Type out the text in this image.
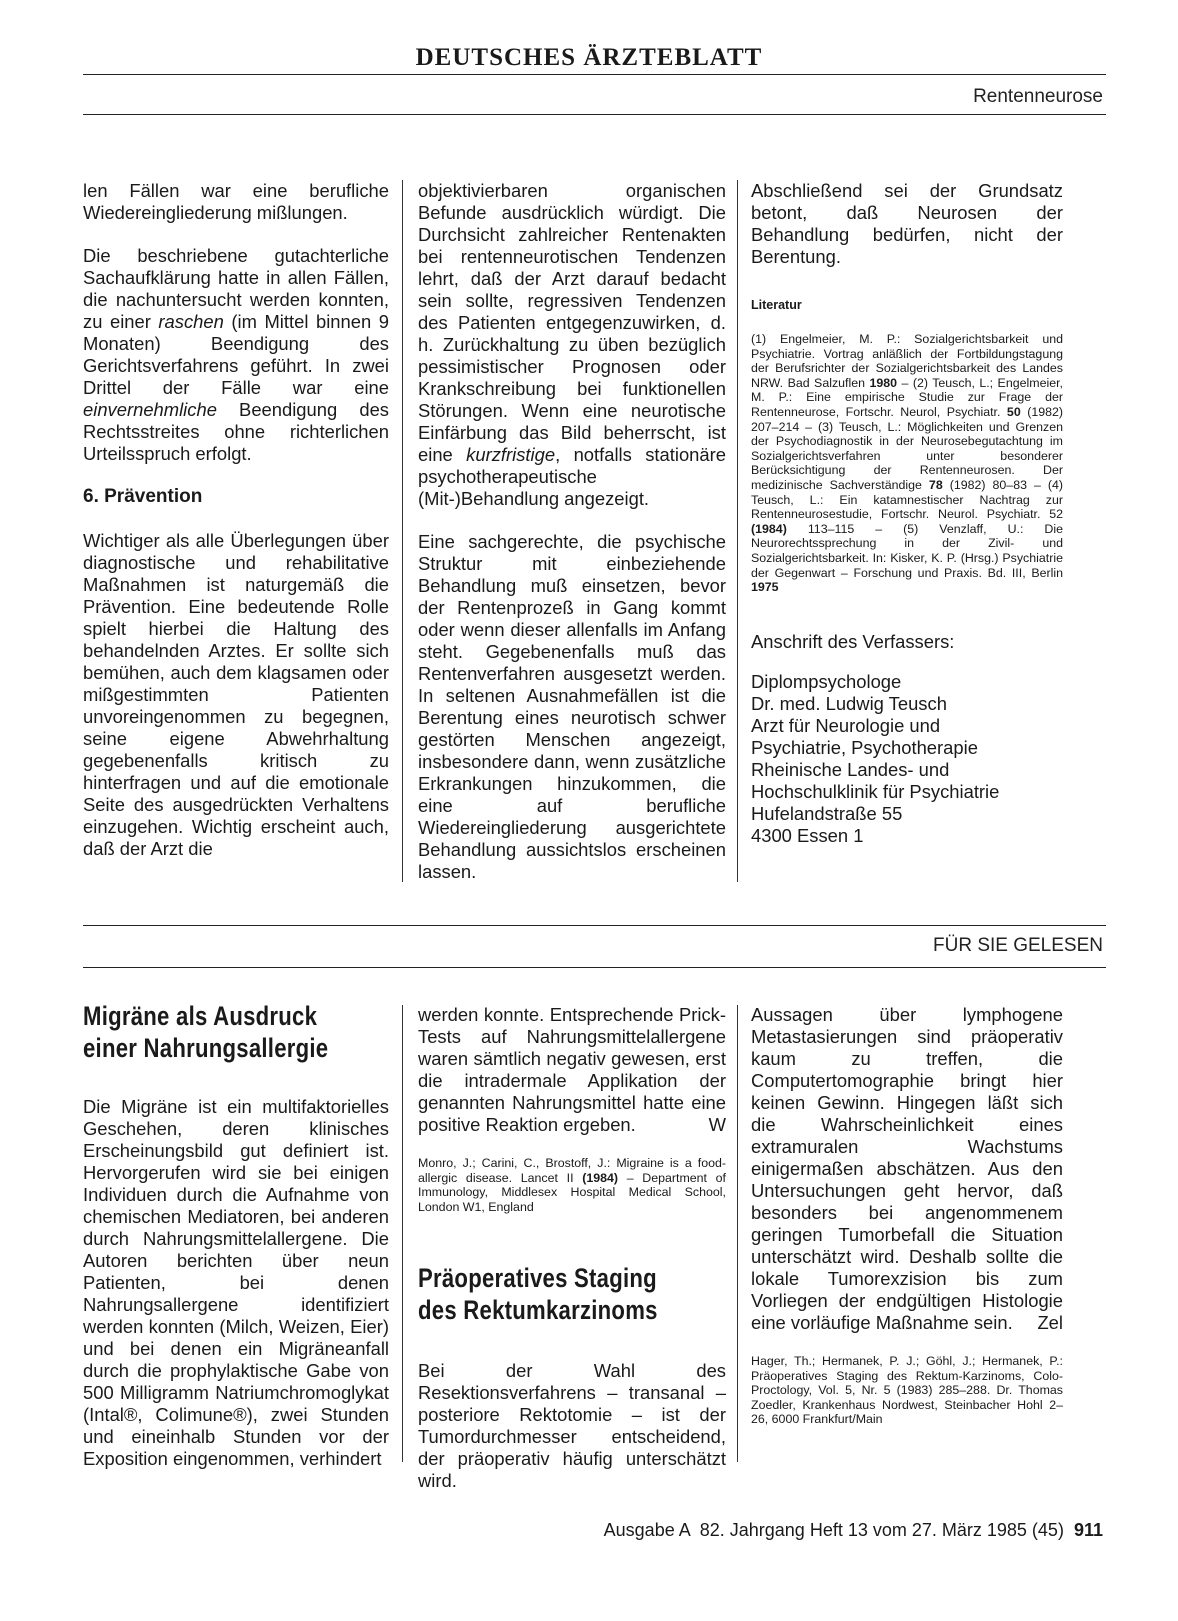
DEUTSCHES ÄRZTEBLATT
Rentenneurose

len Fällen war eine berufliche Wiedereingliederung mißlungen.

Die beschriebene gutachterliche Sachaufklärung hatte in allen Fällen, die nachuntersucht werden konnten, zu einer raschen (im Mittel binnen 9 Monaten) Beendigung des Gerichtsverfahrens geführt. In zwei Drittel der Fälle war eine einvernehmliche Beendigung des Rechtsstreites ohne richterlichen Urteilsspruch erfolgt.

6. Prävention

Wichtiger als alle Überlegungen über diagnostische und rehabilitative Maßnahmen ist naturgemäß die Prävention. Eine bedeutende Rolle spielt hierbei die Haltung des behandelnden Arztes. Er sollte sich bemühen, auch dem klagsamen oder mißgestimmten Patienten unvoreingenommen zu begegnen, seine eigene Abwehrhaltung gegebenenfalls kritisch zu hinterfragen und auf die emotionale Seite des ausgedrückten Verhaltens einzugehen. Wichtig erscheint auch, daß der Arzt die

objektivierbaren organischen Befunde ausdrücklich würdigt. Die Durchsicht zahlreicher Rentenakten bei rentenneurotischen Tendenzen lehrt, daß der Arzt darauf bedacht sein sollte, regressiven Tendenzen des Patienten entgegenzuwirken, d. h. Zurückhaltung zu üben bezüglich pessimistischer Prognosen oder Krankschreibung bei funktionellen Störungen. Wenn eine neurotische Einfärbung das Bild beherrscht, ist eine kurzfristige, notfalls stationäre psychotherapeutische (Mit-)Behandlung angezeigt.

Eine sachgerechte, die psychische Struktur mit einbeziehende Behandlung muß einsetzen, bevor der Rentenprozeß in Gang kommt oder wenn dieser allenfalls im Anfang steht. Gegebenenfalls muß das Rentenverfahren ausgesetzt werden. In seltenen Ausnahmefällen ist die Berentung eines neurotisch schwer gestörten Menschen angezeigt, insbesondere dann, wenn zusätzliche Erkrankungen hinzukommen, die eine auf berufliche Wiedereingliederung ausgerichtete Behandlung aussichtslos erscheinen lassen.

Abschließend sei der Grundsatz betont, daß Neurosen der Behandlung bedürfen, nicht der Berentung.

Literatur
(1) Engelmeier, M. P.: Sozialgerichtsbarkeit und Psychiatrie. Vortrag anläßlich der Fortbildungstagung der Berufsrichter der Sozialgerichtsbarkeit des Landes NRW. Bad Salzuflen 1980 – (2) Teusch, L.; Engelmeier, M. P.: Eine empirische Studie zur Frage der Rentenneurose, Fortschr. Neurol, Psychiatr. 50 (1982) 207–214 – (3) Teusch, L.: Möglichkeiten und Grenzen der Psychodiagnostik in der Neurosebegutachtung im Sozialgerichtsverfahren unter besonderer Berücksichtigung der Rentenneurosen. Der medizinische Sachverständige 78 (1982) 80–83 – (4) Teusch, L.: Ein katamnestischer Nachtrag zur Rentenneurosestudie, Fortschr. Neurol. Psychiatr. 52 (1984) 113–115 – (5) Venzlaff, U.: Die Neurorechtssprechung in der Zivil- und Sozialgerichtsbarkeit. In: Kisker, K. P. (Hrsg.) Psychiatrie der Gegenwart – Forschung und Praxis. Bd. III, Berlin 1975
Anschrift des Verfassers:
Diplompsychologe
Dr. med. Ludwig Teusch
Arzt für Neurologie und
Psychiatrie, Psychotherapie
Rheinische Landes- und
Hochschulklinik für Psychiatrie
Hufelandstraße 55
4300 Essen 1
FÜR SIE GELESEN
Migräne als Ausdruck
einer Nahrungsallergie

Die Migräne ist ein multifaktorielles Geschehen, deren klinisches Erscheinungsbild gut definiert ist. Hervorgerufen wird sie bei einigen Individuen durch die Aufnahme von chemischen Mediatoren, bei anderen durch Nahrungsmittelallergene. Die Autoren berichten über neun Patienten, bei denen Nahrungsallergene identifiziert werden konnten (Milch, Weizen, Eier) und bei denen ein Migräneanfall durch die prophylaktische Gabe von 500 Milligramm Natriumchromoglykat (Intal®, Colimune®), zwei Stunden und eineinhalb Stunden vor der Exposition eingenommen, verhindert

werden konnte. Entsprechende Prick-Tests auf Nahrungsmittelallergene waren sämtlich negativ gewesen, erst die intradermale Applikation der genannten Nahrungsmittel hatte eine positive Reaktion ergeben.	W

Monro, J.; Carini, C., Brostoff, J.: Migraine is a food-allergic disease. Lancet II (1984) – Department of Immunology, Middlesex Hospital Medical School, London W1, England
Präoperatives Staging
des Rektumkarzinoms

Bei der Wahl des Resektionsverfahrens – transanal – posteriore Rektotomie – ist der Tumordurchmesser entscheidend, der präoperativ häufig unterschätzt wird.

Aussagen über lymphogene Metastasierungen sind präoperativ kaum zu treffen, die Computertomographie bringt hier keinen Gewinn. Hingegen läßt sich die Wahrscheinlichkeit eines extramuralen Wachstums einigermaßen abschätzen. Aus den Untersuchungen geht hervor, daß besonders bei angenommenem geringen Tumorbefall die Situation unterschätzt wird. Deshalb sollte die lokale Tumorexzision bis zum Vorliegen der endgültigen Histologie eine vorläufige Maßnahme sein. Zel

Hager, Th.; Hermanek, P. J.; Göhl, J.; Hermanek, P.: Präoperatives Staging des Rektum-Karzinoms, Colo-Proctology, Vol. 5, Nr. 5 (1983) 285–288. Dr. Thomas Zoedler, Krankenhaus Nordwest, Steinbacher Hohl 2–26, 6000 Frankfurt/Main
Ausgabe A  82. Jahrgang Heft 13 vom 27. März 1985 (45) 911
